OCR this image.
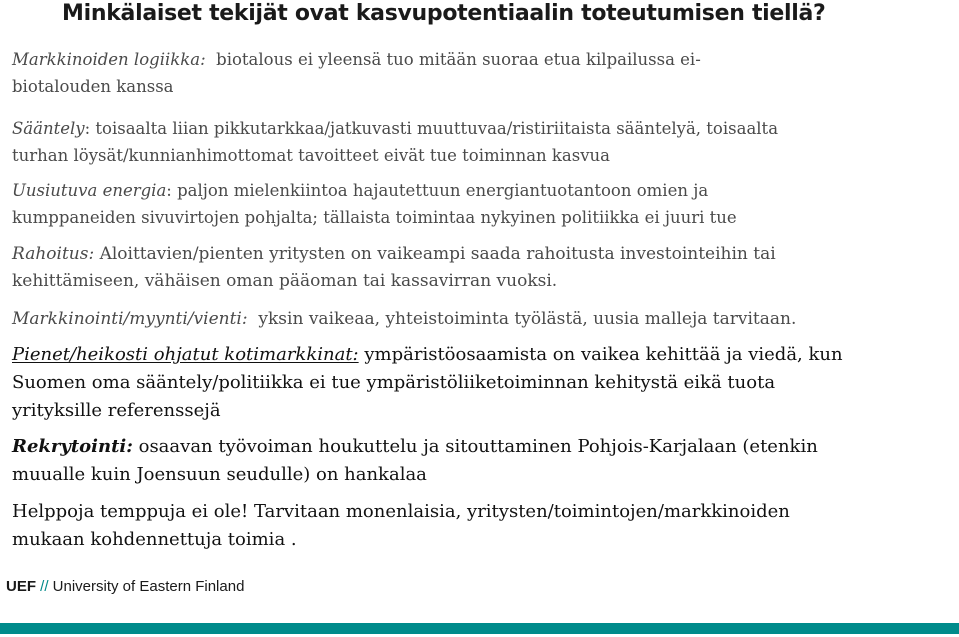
Minkälaiset tekijät ovat kasvupotentiaalin toteutumisen tiellä?
Markkinoiden logiikka: biotalous ei yleensä tuo mitään suoraa etua kilpailussa ei-
biotalouden kanssa
Sääntely: toisaalta liian pikkutarkkaa/jatkuvasti muuttuvaa/ristiriitaista sääntelyä, toisaalta
turhan löysät/kunnianhimottomat tavoitteet eivät tue toiminnan kasvua
Uusiutuva energia: paljon mielenkiintoa hajautettuun energiantuotantoon omien ja
kumppaneiden sivuvirtojen pohjalta; tällaista toimintaa nykyinen politiikka ei juuri tue
Rahoitus: Aloittavien/pienten yritysten on vaikeampi saada rahoitusta investointeihin tai
kehittämiseen, vähäisen oman pääoman tai kassavirran vuoksi.
Markkinointi/myynti/vienti: yksin vaikeaa, yhteistoiminta työlästä, uusia malleja tarvitaan.
Pienet/heikosti ohjatut kotimarkkinat: ympäristöosaamista on vaikea kehittää ja viedä, kun
Suomen oma sääntely/politiikka ei tue ympäristöliiketoiminnan kehitystä eikä tuota
yrityksille referenssejä
Rekrytointi: osaavan työvoiman houkuttelu ja sitouttaminen Pohjois-Karjalaan (etenkin
muualle kuin Joensuun seudulle) on hankalaa
Helppoja temppuja ei ole! Tarvitaan monenlaisia, yritysten/toimintojen/markkinoiden
mukaan kohdennettuja toimia .
UEF // University of Eastern Finland
